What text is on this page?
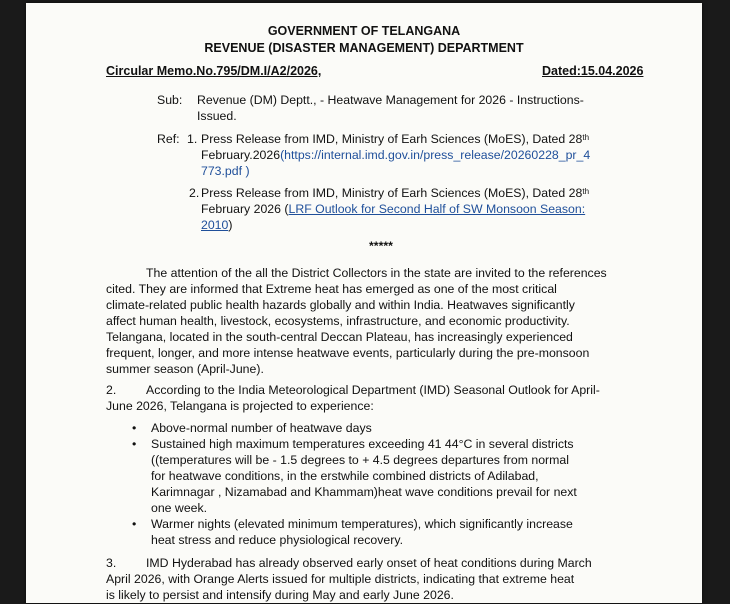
GOVERNMENT OF TELANGANA
REVENUE (DISASTER MANAGEMENT) DEPARTMENT
Circular Memo.No.795/DM.I/A2/2026,	Dated:15.04.2026
Sub: Revenue (DM) Deptt., - Heatwave Management for 2026 - Instructions-
Issued.
Ref: 1. Press Release from IMD, Ministry of Earh Sciences (MoES), Dated 28th
February.2026(https://internal.imd.gov.in/press_release/20260228_pr_4
773.pdf )
2. Press Release from IMD, Ministry of Earh Sciences (MoES), Dated 28th
February 2026 (LRF Outlook for Second Half of SW Monsoon Season:
2010)
*****
The attention of the all the District Collectors in the state are invited to the references
cited. They are informed that Extreme heat has emerged as one of the most critical
climate-related public health hazards globally and within India. Heatwaves significantly
affect human health, livestock, ecosystems, infrastructure, and economic productivity.
Telangana, located in the south-central Deccan Plateau, has increasingly experienced
frequent, longer, and more intense heatwave events, particularly during the pre-monsoon
summer season (April-June).
2. According to the India Meteorological Department (IMD) Seasonal Outlook for April-
June 2026, Telangana is projected to experience:
• Above-normal number of heatwave days
• Sustained high maximum temperatures exceeding 41 44°C in several districts
((temperatures will be - 1.5 degrees to + 4.5 degrees departures from normal
for heatwave conditions, in the erstwhile combined districts of Adilabad,
Karimnagar , Nizamabad and Khammam)heat wave conditions prevail for next
one week.
• Warmer nights (elevated minimum temperatures), which significantly increase
heat stress and reduce physiological recovery.
3. IMD Hyderabad has already observed early onset of heat conditions during March
April 2026, with Orange Alerts issued for multiple districts, indicating that extreme heat
is likely to persist and intensify during May and early June 2026.
